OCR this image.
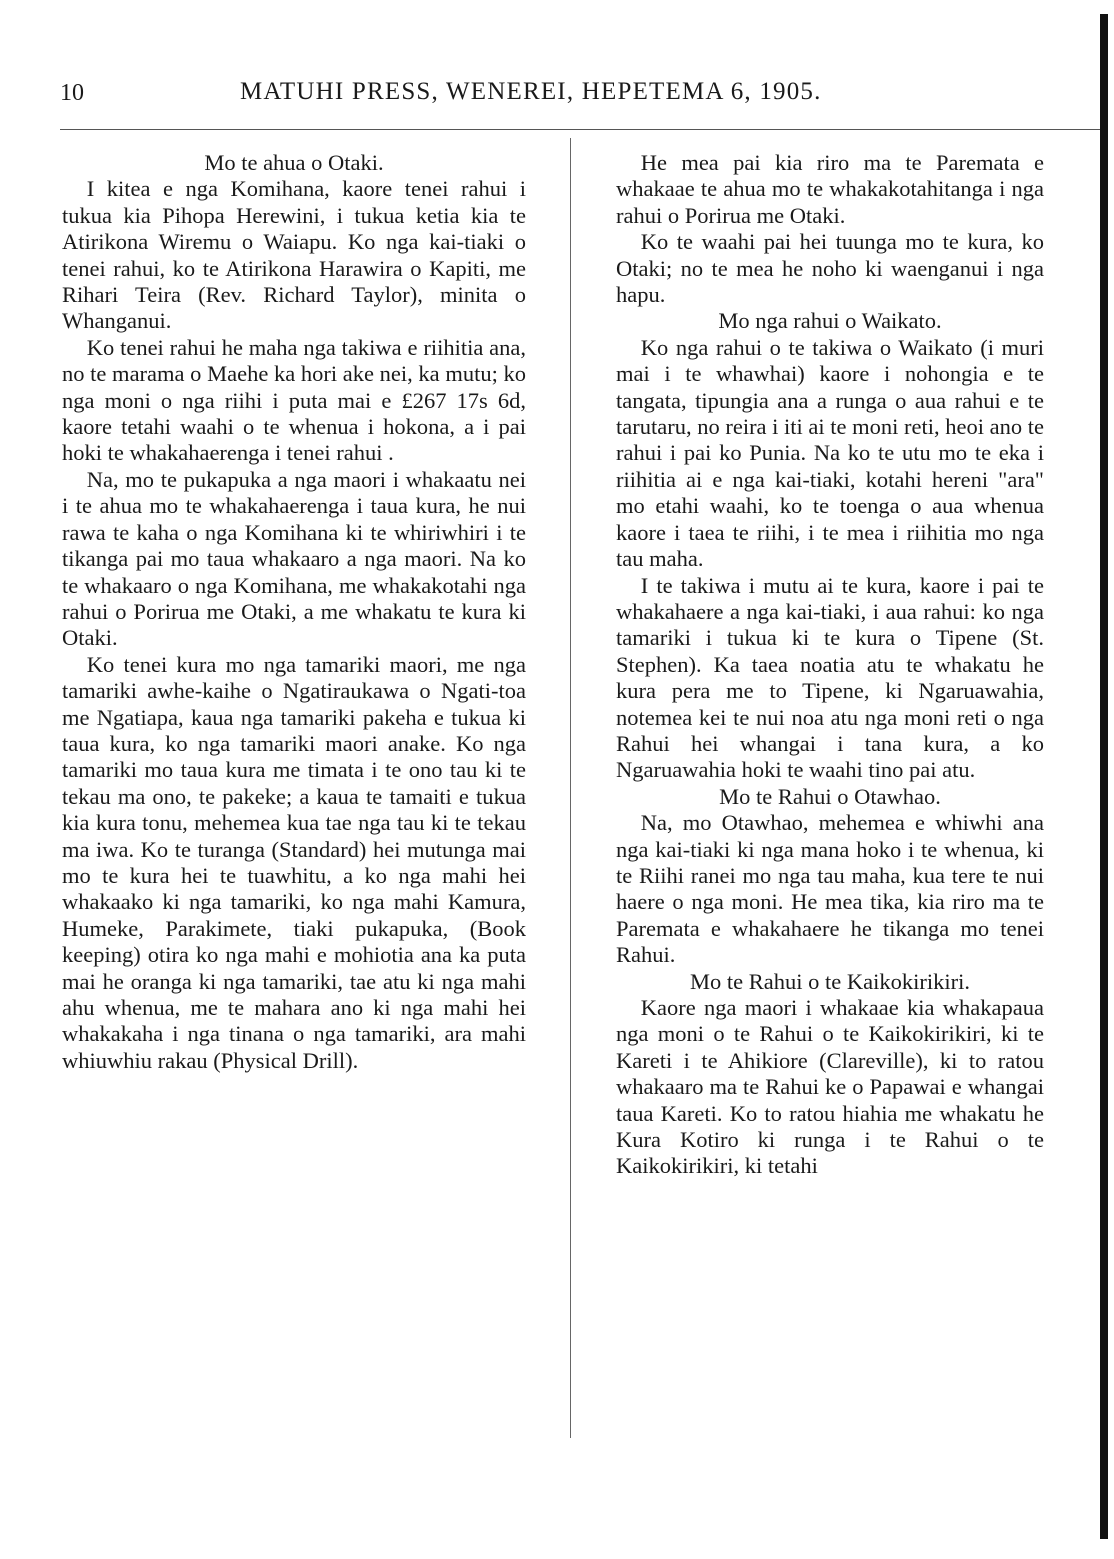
10	MATUHI PRESS, WENEREI, HEPETEMA 6, 1905.
Mo te ahua o Otaki.

I kitea e nga Komihana, kaore tenei rahui i tukua kia Pihopa Herewini, i tukua ketia kia te Atirikona Wiremu o Waiapu. Ko nga kai-tiaki o tenei rahui, ko te Atirikona Harawira o Kapiti, me Rihari Teira (Rev. Richard Taylor), minita o Whanganui.

Ko tenei rahui he maha nga takiwa e riihitia ana, no te marama o Maehe ka hori ake nei, ka mutu; ko nga moni o nga riihi i puta mai e £267 17s 6d, kaore tetahi waahi o te whenua i hokona, a i pai hoki te whakahaerenga i tenei rahui .

Na, mo te pukapuka a nga maori i whakaatu nei i te ahua mo te whakahaerenga i taua kura, he nui rawa te kaha o nga Komihana ki te whiriwhiri i te tikanga pai mo taua whakaaro a nga maori. Na ko te whakaaro o nga Komihana, me whakakotahi nga rahui o Porirua me Otaki, a me whakatu te kura ki Otaki.

Ko tenei kura mo nga tamariki maori, me nga tamariki awhe-kaihe o Ngatiraukawa o Ngati-toa me Ngatiapa, kaua nga tamariki pakeha e tukua ki taua kura, ko nga tamariki maori anake. Ko nga tamariki mo taua kura me timata i te ono tau ki te tekau ma ono, te pakeke; a kaua te tamaiti e tukua kia kura tonu, mehemea kua tae nga tau ki te tekau ma iwa. Ko te turanga (Standard) hei mutunga mai mo te kura hei te tuawhitu, a ko nga mahi hei whakaako ki nga tamariki, ko nga mahi Kamura, Humeke, Parakimete, tiaki pukapuka, (Book keeping) otira ko nga mahi e mohiotia ana ka puta mai he oranga ki nga tamariki, tae atu ki nga mahi ahu whenua, me te mahara ano ki nga mahi hei whakakaha i nga tinana o nga tamariki, ara mahi whiuwhiu rakau (Physical Drill).

He mea pai kia riro ma te Paremata e whakaae te ahua mo te whakakotahitanga i nga rahui o Porirua me Otaki.

Ko te waahi pai hei tuunga mo te kura, ko Otaki; no te mea he noho ki waenganui i nga hapu.

Mo nga rahui o Waikato.

Ko nga rahui o te takiwa o Waikato (i muri mai i te whawhai) kaore i nohongia e te tangata, tipungia ana a runga o aua rahui e te tarutaru, no reira i iti ai te moni reti, heoi ano te rahui i pai ko Punia. Na ko te utu mo te eka i riihitia ai e nga kai-tiaki, kotahi hereni "ara" mo etahi waahi, ko te toenga o aua whenua kaore i taea te riihi, i te mea i riihitia mo nga tau maha.

I te takiwa i mutu ai te kura, kaore i pai te whakahaere a nga kai-tiaki, i aua rahui: ko nga tamariki i tukua ki te kura o Tipene (St. Stephen). Ka taea noatia atu te whakatu he kura pera me to Tipene, ki Ngaruawahia, notemea kei te nui noa atu nga moni reti o nga Rahui hei whangai i tana kura, a ko Ngaruawahia hoki te waahi tino pai atu.

Mo te Rahui o Otawhao.

Na, mo Otawhao, mehemea e whiwhi ana nga kai-tiaki ki nga mana hoko i te whenua, ki te Riihi ranei mo nga tau maha, kua tere te nui haere o nga moni. He mea tika, kia riro ma te Paremata e whakahaere he tikanga mo tenei Rahui.

Mo te Rahui o te Kaikokirikiri.

Kaore nga maori i whakaae kia whakapaua nga moni o te Rahui o te Kaikokirikiri, ki te Kareti i te Ahikiore (Clareville), ki to ratou whakaaro ma te Rahui ke o Papawai e whangai taua Kareti. Ko to ratou hiahia me whakatu he Kura Kotiro ki runga i te Rahui o te Kaikokirikiri, ki tetahi
